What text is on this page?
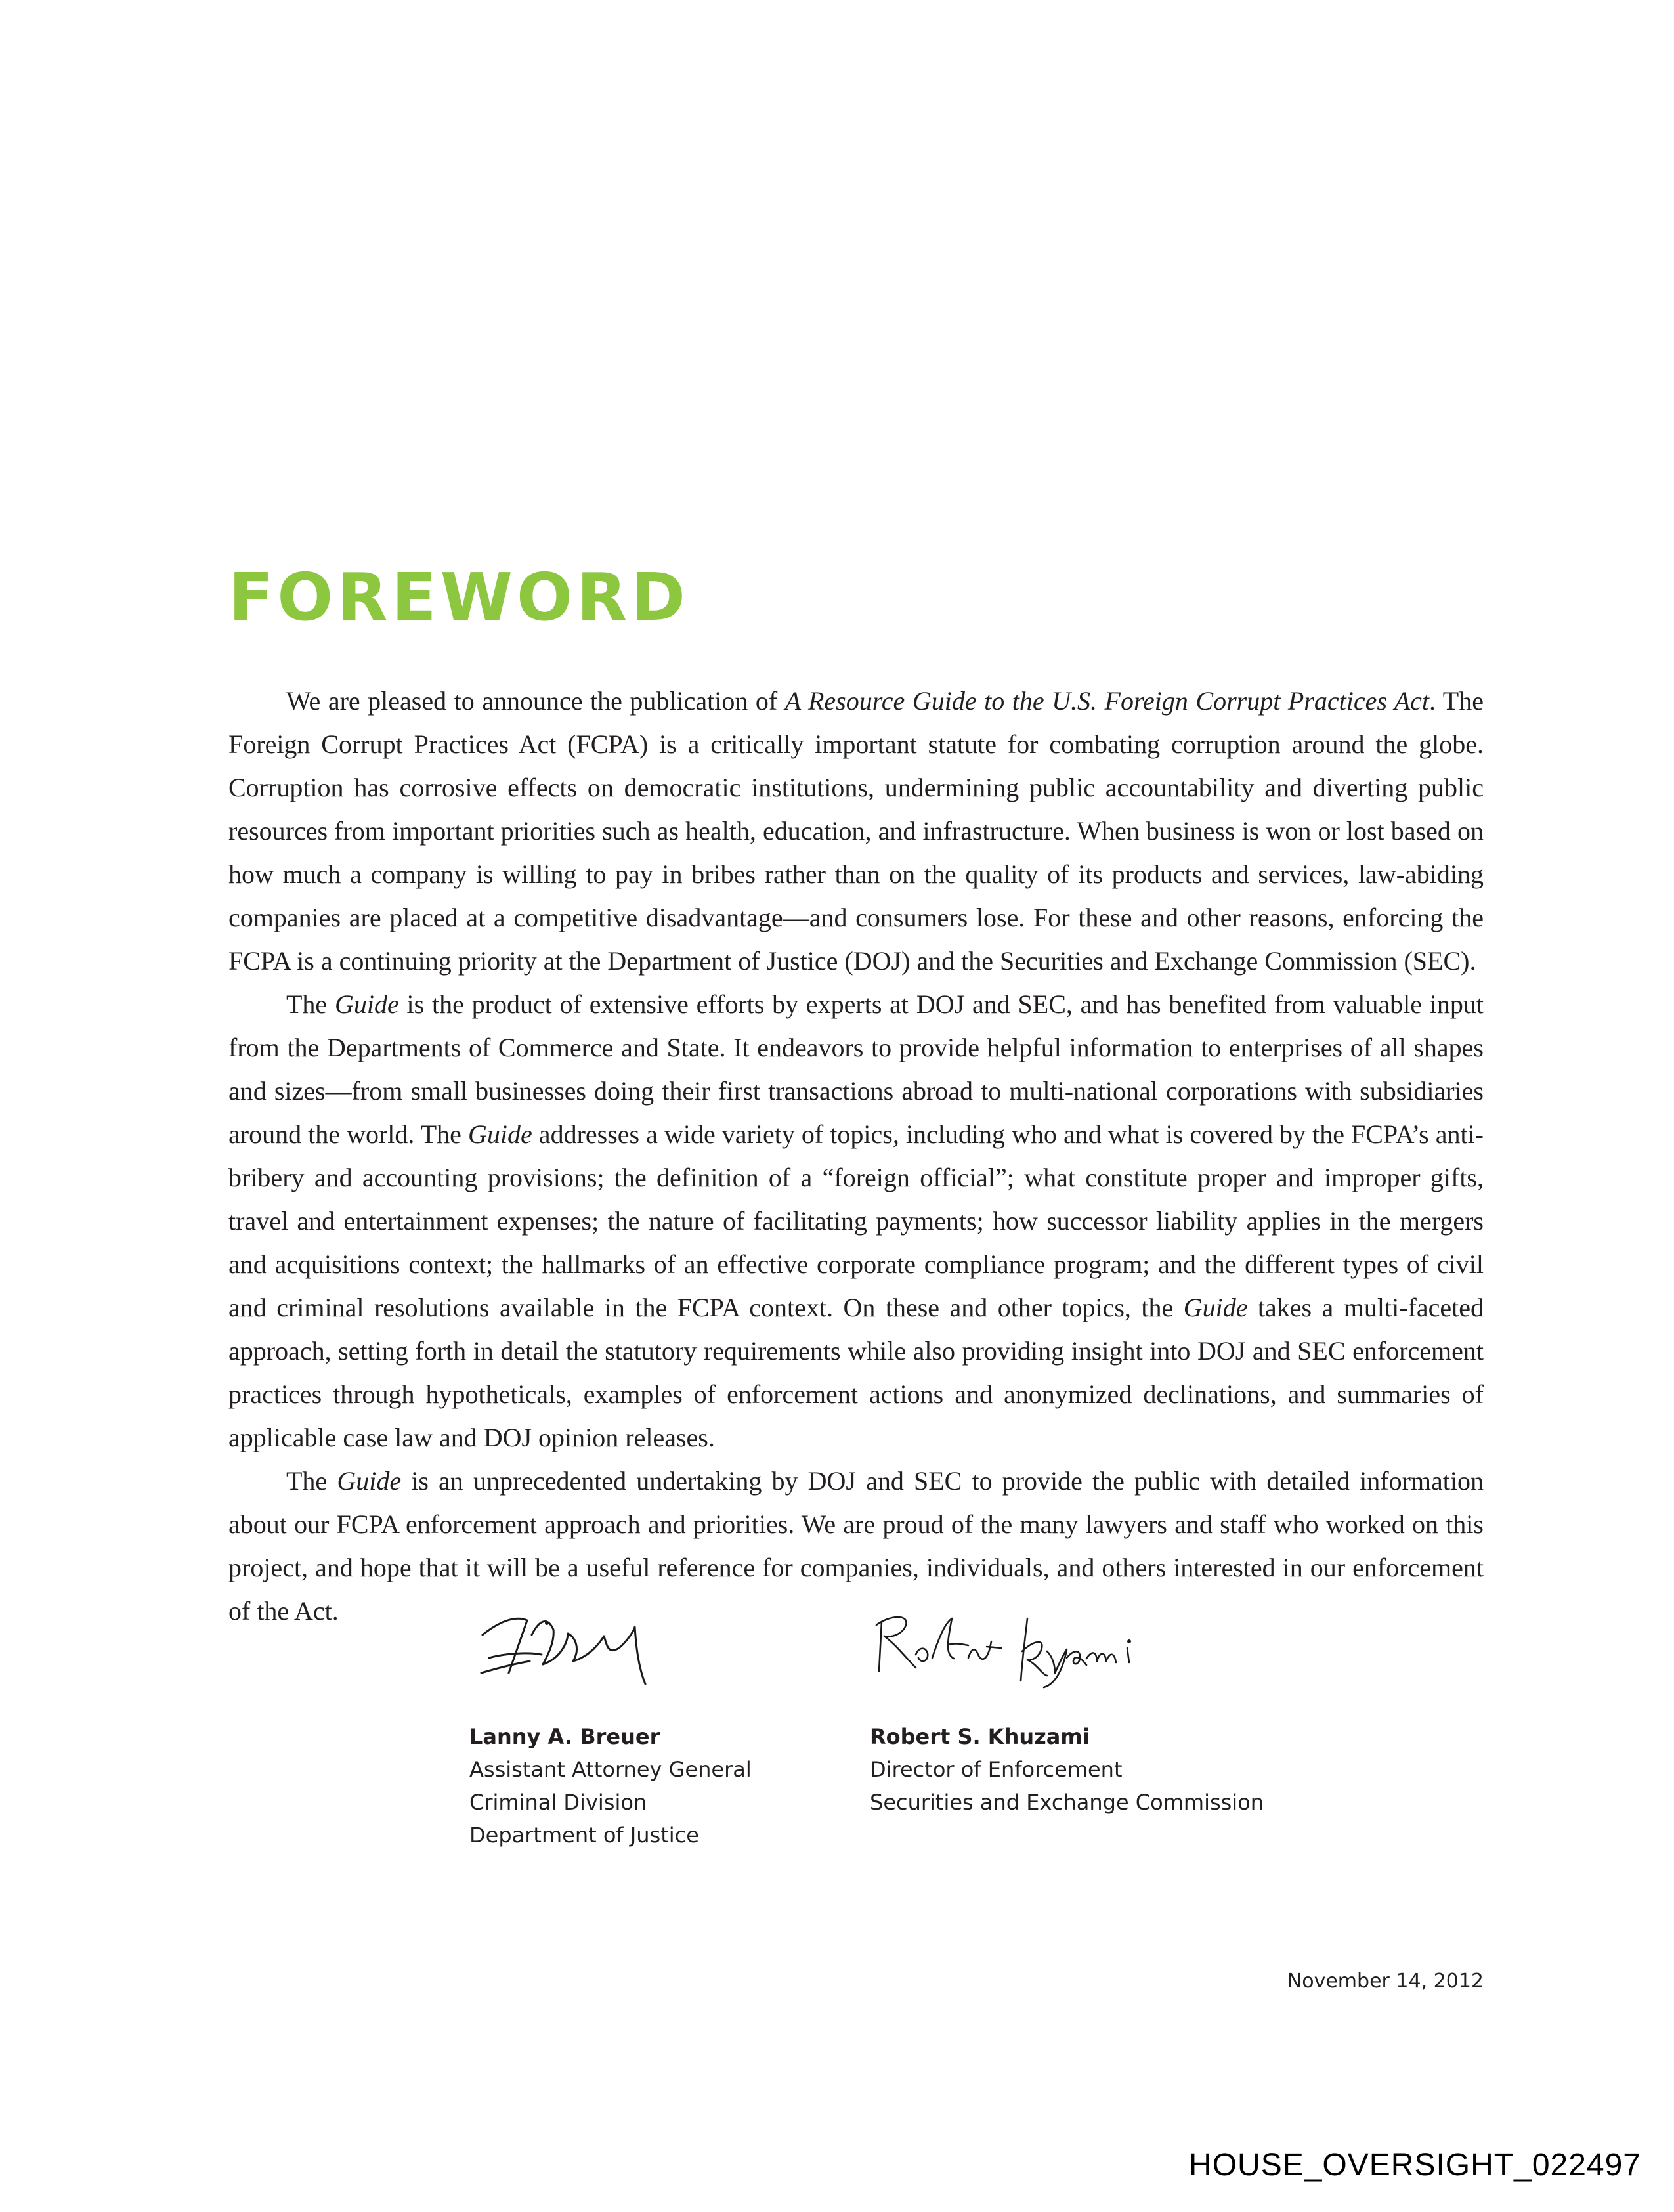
FOREWORD

We are pleased to announce the publication of A Resource Guide to the U.S. Foreign Corrupt Practices Act. The Foreign Corrupt Practices Act (FCPA) is a critically important statute for combating corruption around the globe. Corruption has corrosive effects on democratic institutions, undermining public accountability and diverting public resources from important priorities such as health, education, and infrastructure. When business is won or lost based on how much a company is willing to pay in bribes rather than on the quality of its products and services, law-abiding companies are placed at a competitive disadvantage—and consumers lose. For these and other reasons, enforcing the FCPA is a continuing priority at the Department of Justice (DOJ) and the Securities and Exchange Commission (SEC).

The Guide is the product of extensive efforts by experts at DOJ and SEC, and has benefited from valuable input from the Departments of Commerce and State. It endeavors to provide helpful information to enterprises of all shapes and sizes—from small businesses doing their first transactions abroad to multi-national corporations with subsidiaries around the world. The Guide addresses a wide variety of topics, including who and what is covered by the FCPA’s anti-bribery and accounting provisions; the definition of a “foreign official”; what constitute proper and improper gifts, travel and entertainment expenses; the nature of facilitating payments; how successor liability applies in the mergers and acquisitions context; the hallmarks of an effective corporate compliance program; and the different types of civil and criminal resolutions available in the FCPA context. On these and other topics, the Guide takes a multi-faceted approach, setting forth in detail the statutory requirements while also providing insight into DOJ and SEC enforcement practices through hypotheticals, examples of enforcement actions and anonymized declinations, and summaries of applicable case law and DOJ opinion releases.

The Guide is an unprecedented undertaking by DOJ and SEC to provide the public with detailed information about our FCPA enforcement approach and priorities. We are proud of the many lawyers and staff who worked on this project, and hope that it will be a useful reference for companies, individuals, and others interested in our enforcement of the Act.

Lanny A. Breuer
Assistant Attorney General
Criminal Division
Department of Justice
Robert S. Khuzami
Director of Enforcement
Securities and Exchange Commission
November 14, 2012
HOUSE_OVERSIGHT_022497
